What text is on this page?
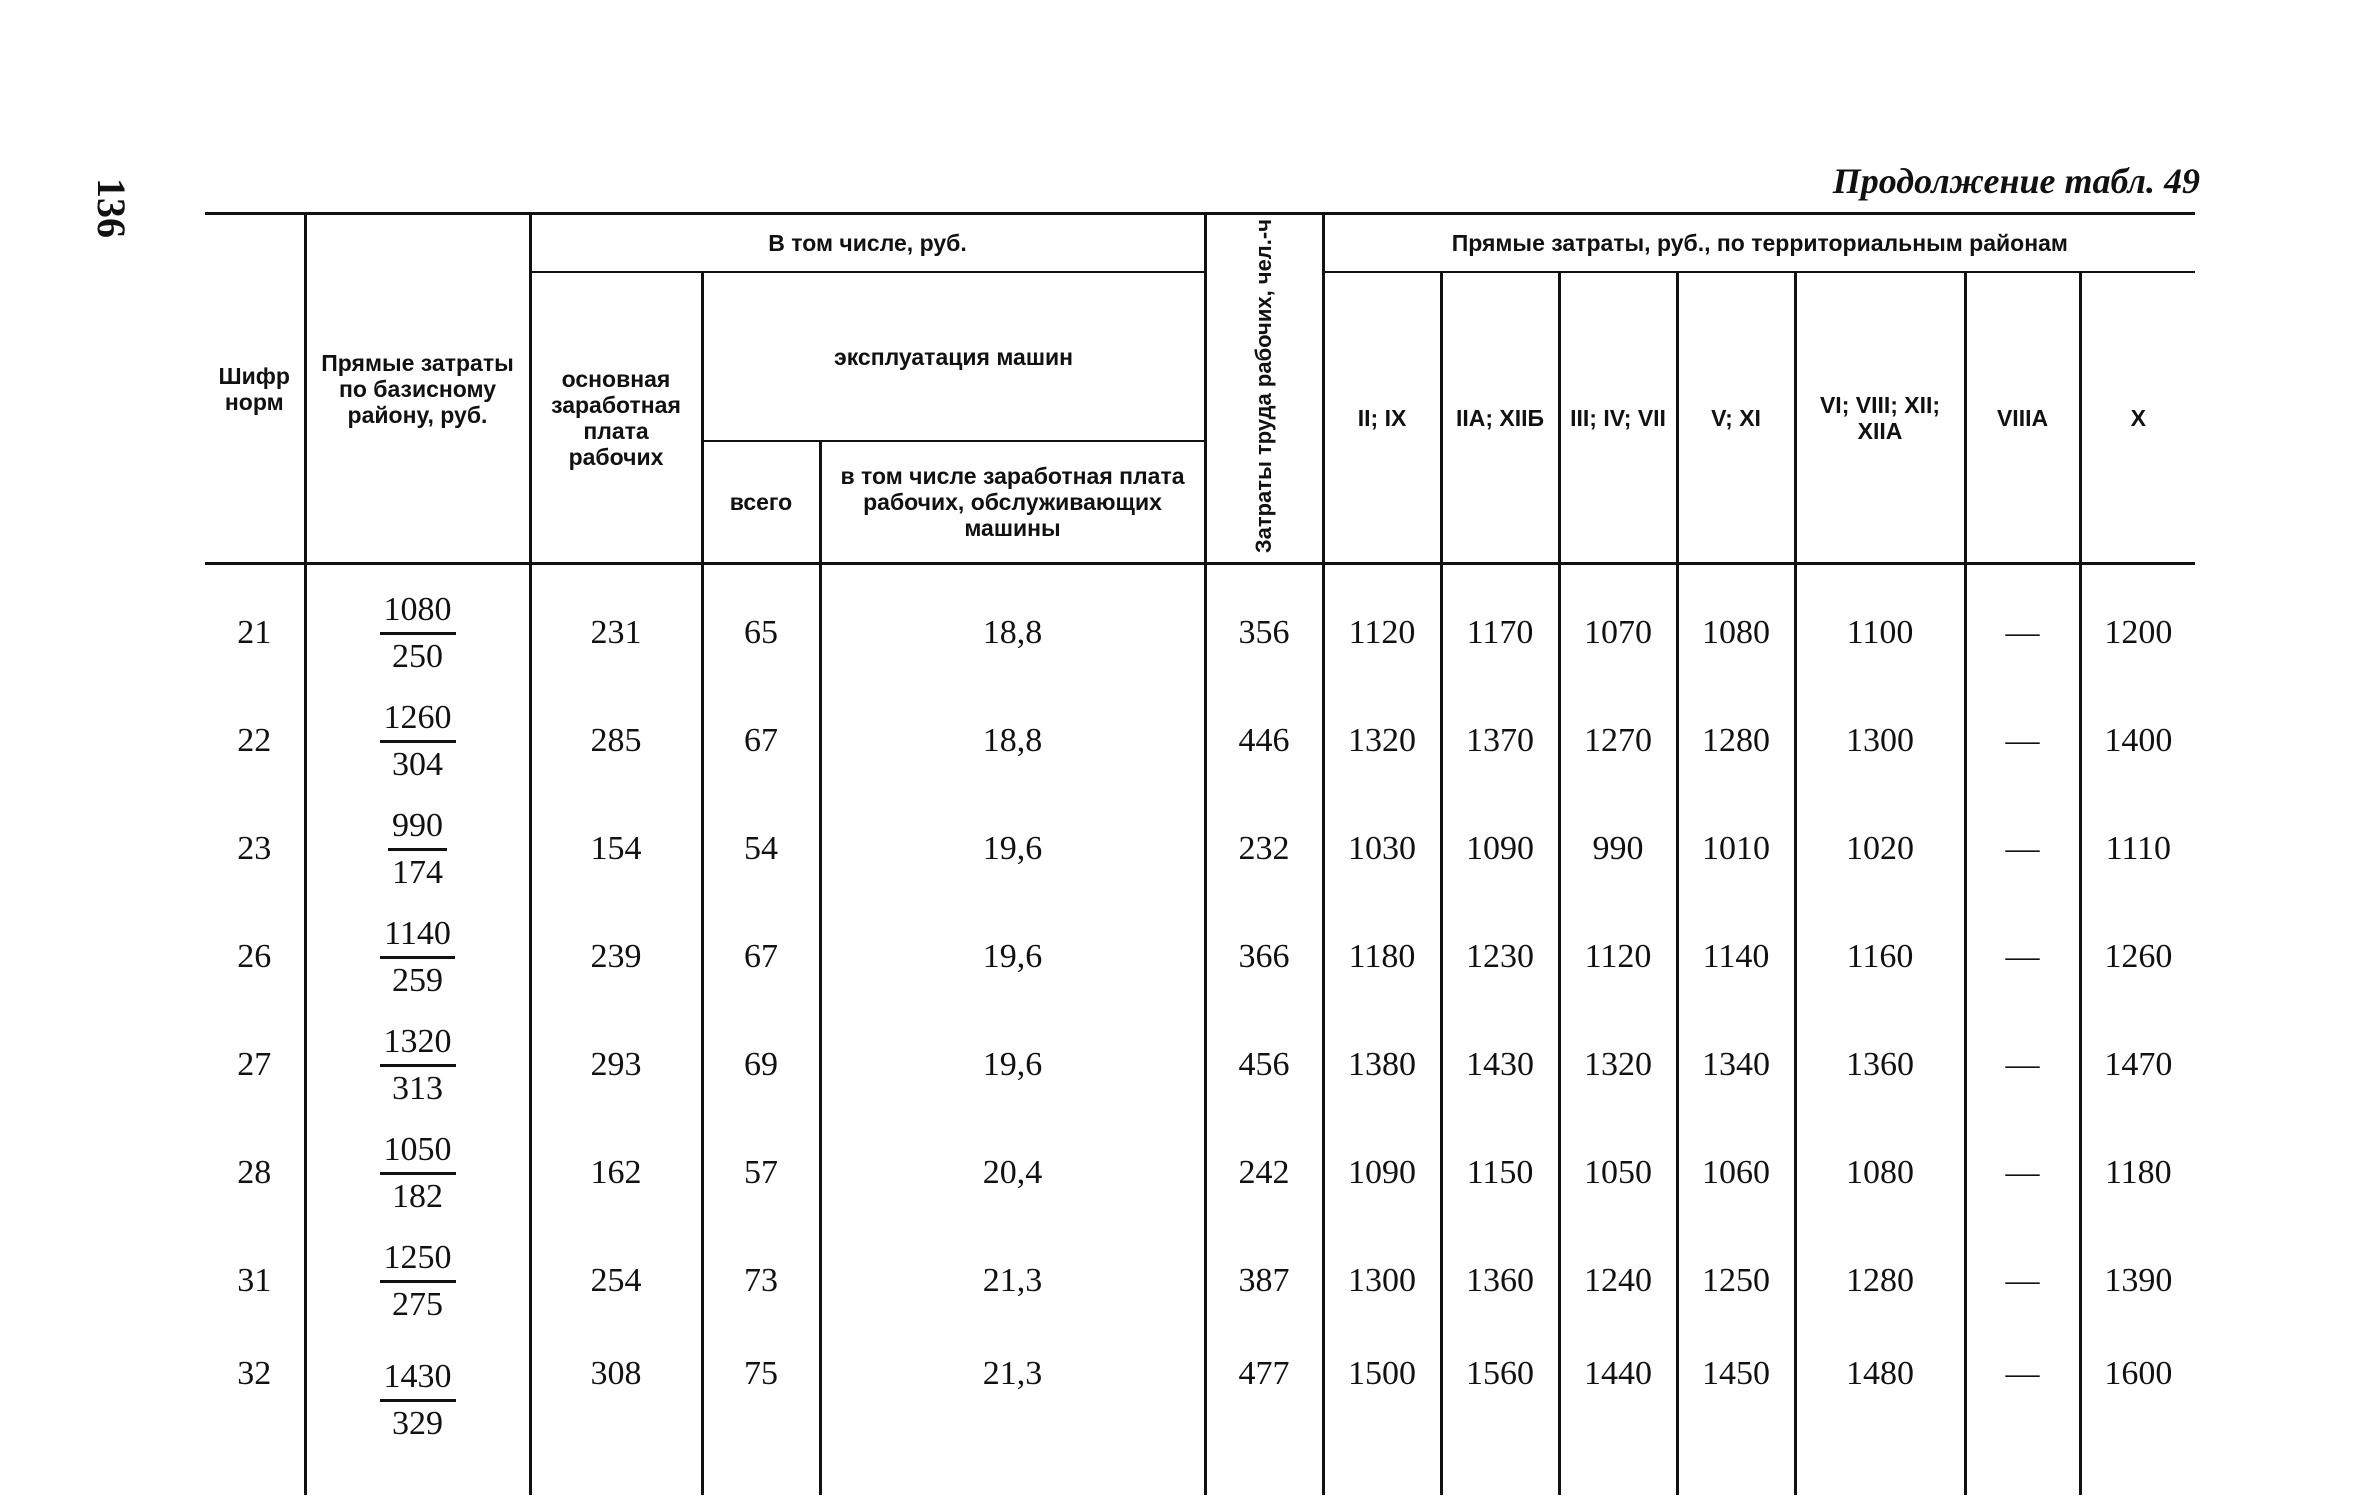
136	Продолжение табл. 49
Шифр норм	Прямые затраты по базисному району, руб.	В том числе, руб.			Затраты труда рабочих, чел.-ч	Прямые затраты, руб., по территориальным районам						
		основная заработная плата рабочих	эксплуатация машин			II; IX	IIА; XIIБ	III; IV; VII	V; XI	VI; VIII; XII; XIIА	VIIIА	X
			всего	в том числе заработная плата рабочих, обслуживающих машины								
21	$\frac{1080}{250}$	231	65	18,8	356	1120	1170	1070	1080	1100	—	1200
22	$\frac{1260}{304}$	285	67	18,8	446	1320	1370	1270	1280	1300	—	1400
23	$\frac{990}{174}$	154	54	19,6	232	1030	1090	990	1010	1020	—	1110
26	$\frac{1140}{259}$	239	67	19,6	366	1180	1230	1120	1140	1160	—	1260
27	$\frac{1320}{313}$	293	69	19,6	456	1380	1430	1320	1340	1360	—	1470
28	$\frac{1050}{182}$	162	57	20,4	242	1090	1150	1050	1060	1080	—	1180
31	$\frac{1250}{275}$	254	73	21,3	387	1300	1360	1240	1250	1280	—	1390
32	$\frac{1430}{329}$	308	75	21,3	477	1500	1560	1440	1450	1480	—	1600
